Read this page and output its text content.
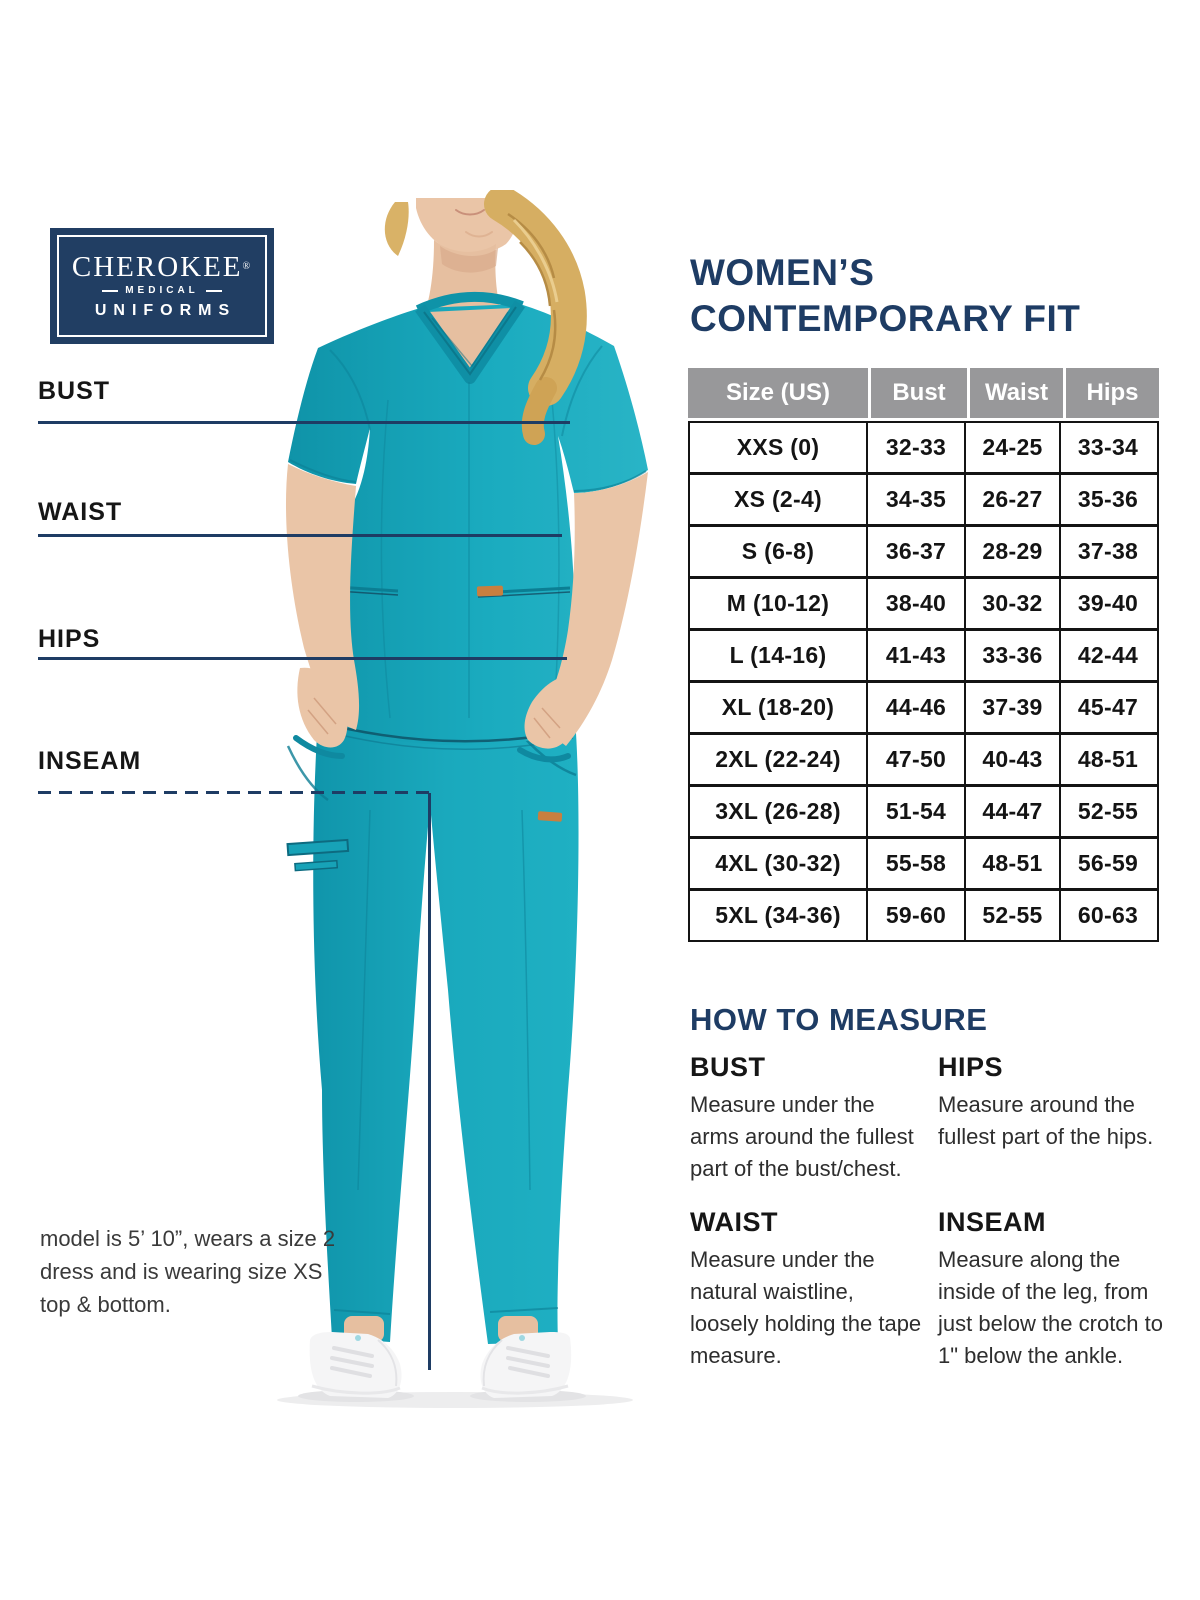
CHEROKEE®
MEDICAL
UNIFORMS
BUST
WAIST
HIPS
INSEAM
WOMEN’S
CONTEMPORARY FIT
Size (US)	Bust	Waist	Hips
XXS (0)	32-33	24-25	33-34
XS (2-4)	34-35	26-27	35-36
S (6-8)	36-37	28-29	37-38
M (10-12)	38-40	30-32	39-40
L (14-16)	41-43	33-36	42-44
XL (18-20)	44-46	37-39	45-47
2XL (22-24)	47-50	40-43	48-51
3XL (26-28)	51-54	44-47	52-55
4XL (30-32)	55-58	48-51	56-59
5XL (34-36)	59-60	52-55	60-63
HOW TO MEASURE
BUST

Measure under the arms around the fullest part of the bust/chest.

HIPS

Measure around the fullest part of the hips.

WAIST

Measure under the natural waistline, loosely holding the tape measure.

INSEAM

Measure along the inside of the leg, from just below the crotch to 1" below the ankle.

model is 5’ 10”, wears a size 2 dress and is wearing size XS top & bottom.
